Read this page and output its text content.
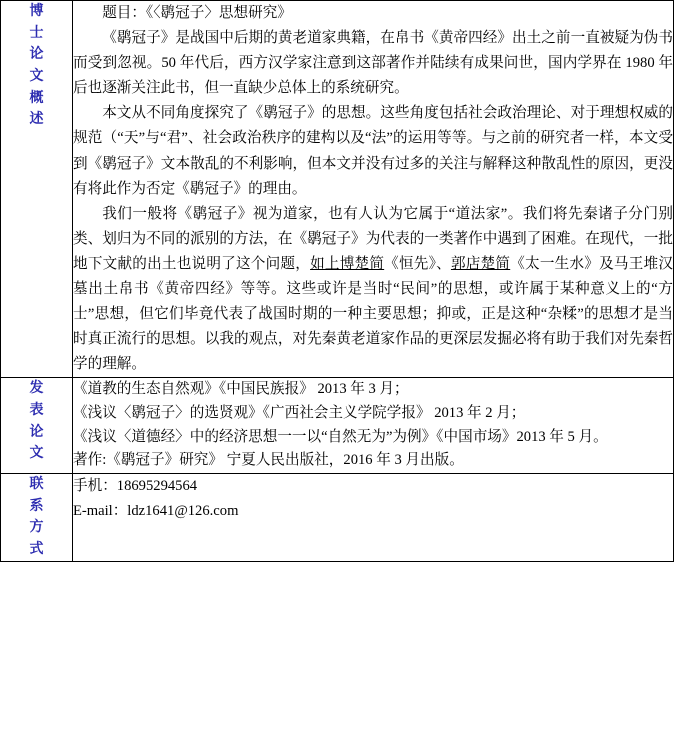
博士论文概述	题目：《〈鹖冠子〉思想研究》

《鹖冠子》是战国中后期的黄老道家典籍，在帛书《黄帝四经》出土之前一直被疑为伪书而受到忽视。50 年代后，西方汉学家注意到这部著作并陆续有成果问世，国内学界在 1980 年后也逐渐关注此书，但一直缺少总体上的系统研究。

本文从不同角度探究了《鹖冠子》的思想。这些角度包括社会政治理论、对于理想权威的规范（“天”与“君”、社会政治秩序的建构以及“法”的运用等等。与之前的研究者一样，本文受到《鹖冠子》文本散乱的不利影响，但本文并没有过多的关注与解释这种散乱性的原因，更没有将此作为否定《鹖冠子》的理由。

我们一般将《鹖冠子》视为道家，也有人认为它属于“道法家”。我们将先秦诸子分门别类、划归为不同的派别的方法，在《鹖冠子》为代表的一类著作中遇到了困难。在现代，一批地下文献的出土也说明了这个问题，如上博楚简《恒先》、郭店楚简《太一生水》及马王堆汉墓出土帛书《黄帝四经》等等。这些或许是当时“民间”的思想，或许属于某种意义上的“方士”思想，但它们毕竟代表了战国时期的一种主要思想；抑或，正是这种“杂糅”的思想才是当时真正流行的思想。以我的观点，对先秦黄老道家作品的更深层发掘必将有助于我们对先秦哲学的理解。

发表论文	《道教的生态自然观》《中国民族报》 2013 年 3 月；
《浅议〈鹖冠子〉的选贤观》《广西社会主义学院学报》 2013 年 2 月；
《浅议〈道德经〉中的经济思想一一以“自然无为”为例》《中国市场》2013 年 5 月。
著作:《鹖冠子》研究》 宁夏人民出版社，2016 年 3 月出版。

联系方式	手机：18695294564
E-mail：ldz1641@126.com
